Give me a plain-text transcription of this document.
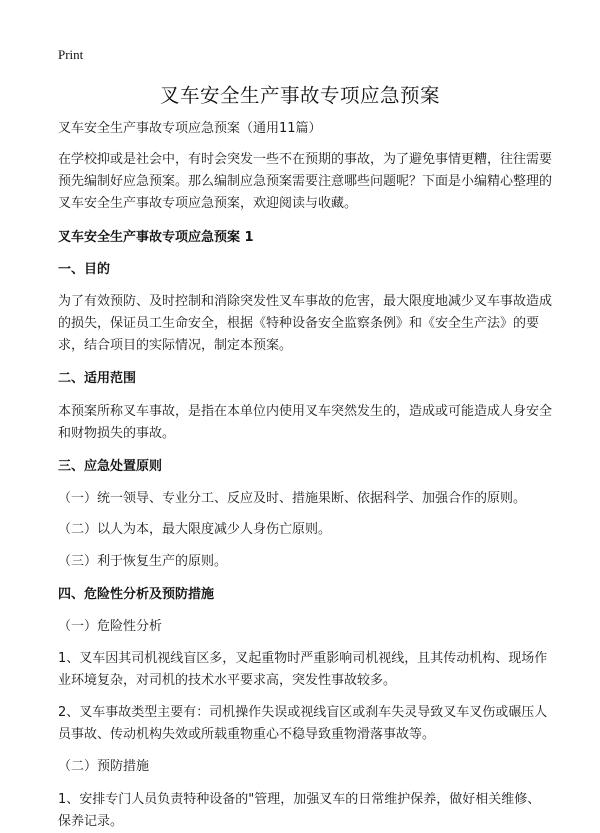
Print
叉车安全生产事故专项应急预案

叉车安全生产事故专项应急预案（通用11篇）

在学校抑或是社会中，有时会突发一些不在预期的事故，为了避免事情更糟，往往需要预先编制好应急预案。那么编制应急预案需要注意哪些问题呢？下面是小编精心整理的叉车安全生产事故专项应急预案，欢迎阅读与收藏。

叉车安全生产事故专项应急预案 1

一、目的

为了有效预防、及时控制和消除突发性叉车事故的危害，最大限度地减少叉车事故造成的损失，保证员工生命安全，根据《特种设备安全监察条例》和《安全生产法》的要求，结合项目的实际情况，制定本预案。

二、适用范围

本预案所称叉车事故，是指在本单位内使用叉车突然发生的，造成或可能造成人身安全和财物损失的事故。

三、应急处置原则

（一）统一领导、专业分工、反应及时、措施果断、依据科学、加强合作的原则。

（二）以人为本，最大限度减少人身伤亡原则。

（三）利于恢复生产的原则。

四、危险性分析及预防措施

（一）危险性分析

1、叉车因其司机视线盲区多，叉起重物时严重影响司机视线，且其传动机构、现场作业环境复杂，对司机的技术水平要求高，突发性事故较多。

2、叉车事故类型主要有：司机操作失误或视线盲区或刹车失灵导致叉车叉伤或碾压人员事故、传动机构失效或所载重物重心不稳导致重物滑落事故等。

（二）预防措施

1、安排专门人员负责特种设备的"管理，加强叉车的日常维护保养，做好相关维修、保养记录。
